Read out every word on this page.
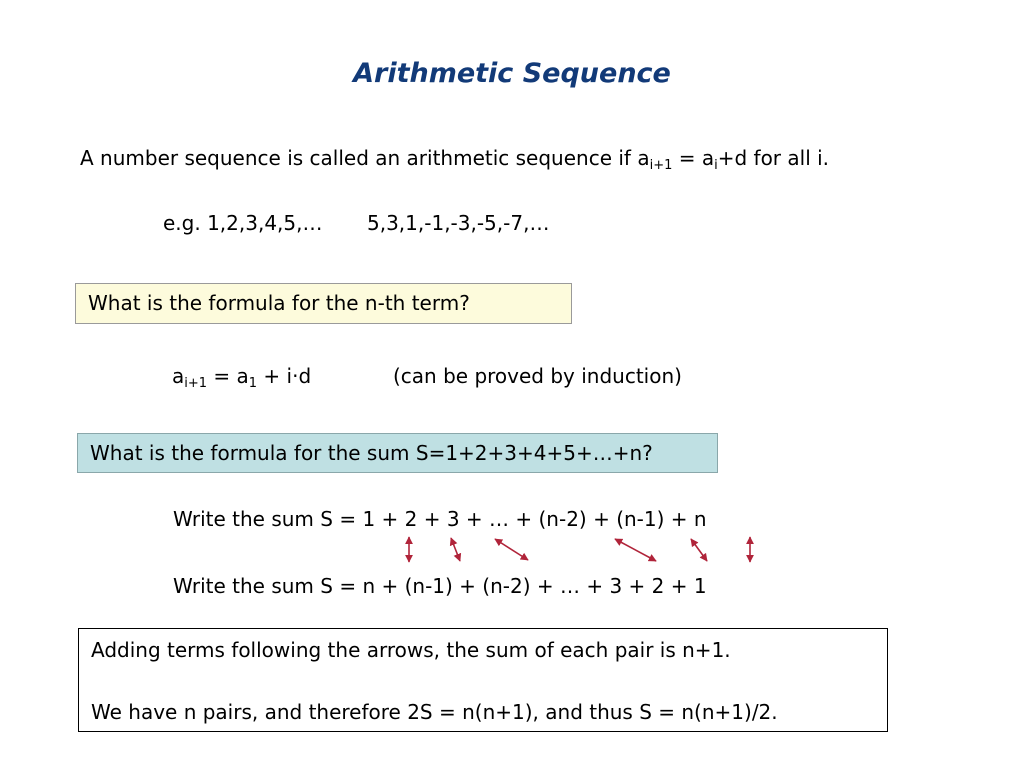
Arithmetic Sequence
A number sequence is called an arithmetic sequence if $a_{i+1} = a_i+d$ for all i.
e.g. 1,2,3,4,5,… 5,3,1,-1,-3,-5,-7,…
What is the formula for the n-th term?
$a_{i+1} = a_1 + i\cdot d$	(can be proved by induction)
What is the formula for the sum S=1+2+3+4+5+…+n?
Write the sum S = 1 + 2 + 3 + … + (n-2) + (n-1) + n
Write the sum S = n + (n-1) + (n-2) + … + 3 + 2 + 1
Adding terms following the arrows, the sum of each pair is n+1.
We have n pairs, and therefore 2S = n(n+1), and thus S = n(n+1)/2.
